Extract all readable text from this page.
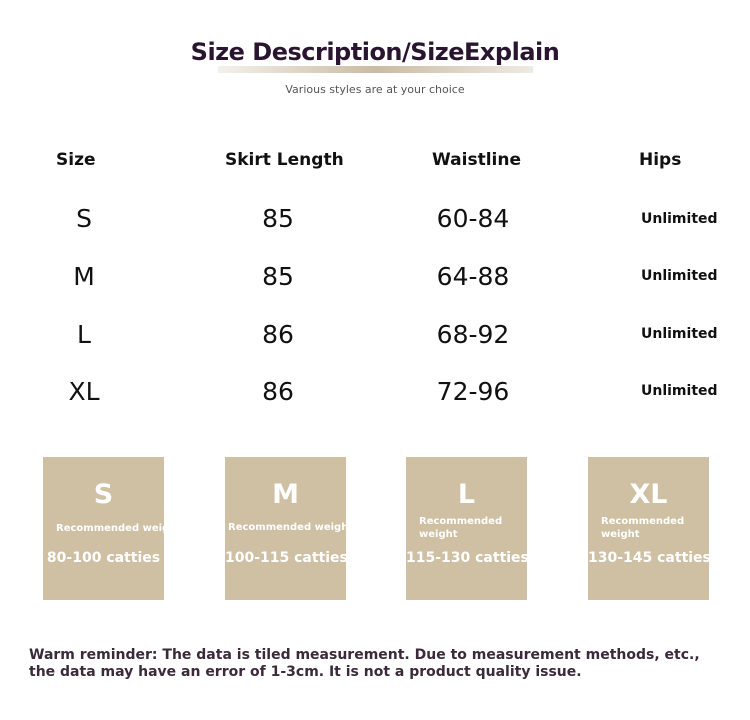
Size Description/SizeExplain
Various styles are at your choice
Size	Skirt Length	Waistline	Hips
S	85	60-84	Unlimited
M	85	64-88	Unlimited
L	86	68-92	Unlimited
XL	86	72-96	Unlimited
S
Recommended weight
80-100 catties
M
Recommended weight
100-115 catties
L
Recommended weight
115-130 catties
XL
Recommended weight
130-145 catties
Warm reminder: The data is tiled measurement. Due to measurement methods, etc., the data may have an error of 1-3cm. It is not a product quality issue.
